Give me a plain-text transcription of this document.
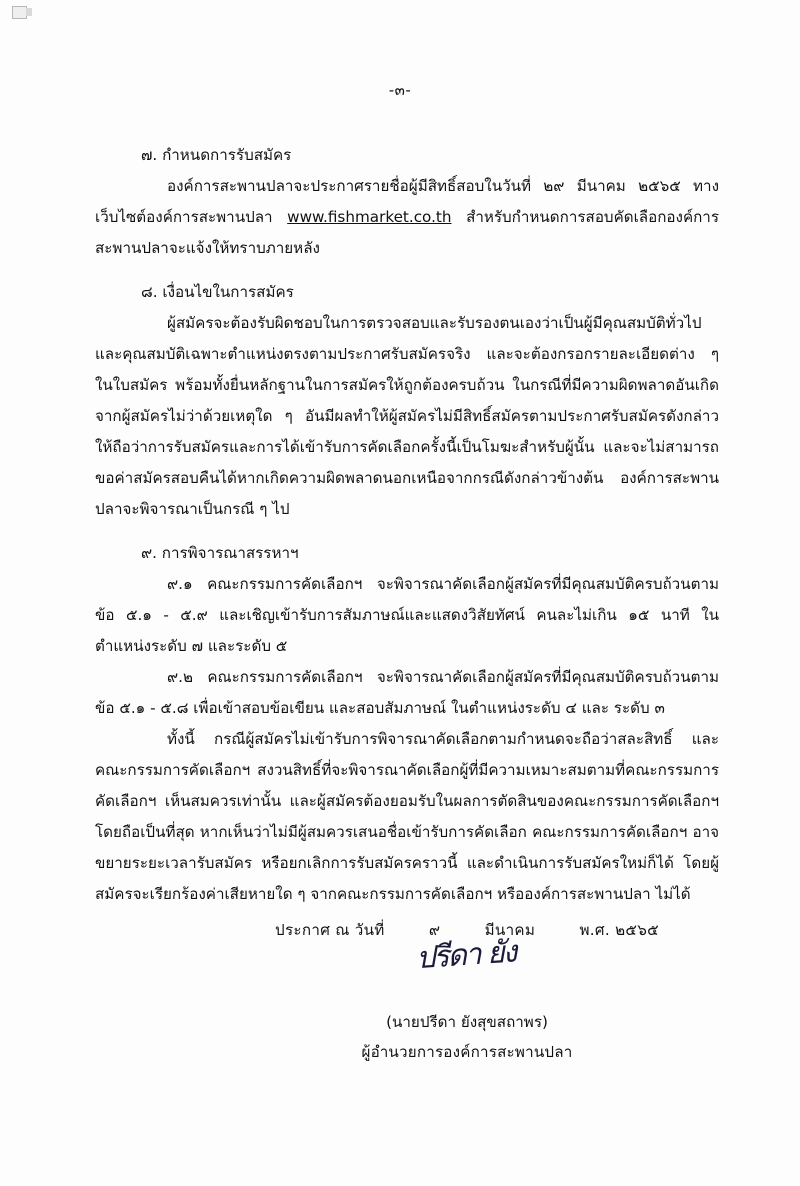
-๓-

๗. กำหนดการรับสมัคร

องค์การสะพานปลาจะประกาศรายชื่อผู้มีสิทธิ์สอบในวันที่ ๒๙ มีนาคม ๒๕๖๕ ทางเว็บไซต์องค์การสะพานปลา www.fishmarket.co.th สำหรับกำหนดการสอบคัดเลือกองค์การสะพานปลาจะแจ้งให้ทราบภายหลัง

๘. เงื่อนไขในการสมัคร

ผู้สมัครจะต้องรับผิดชอบในการตรวจสอบและรับรองตนเองว่าเป็นผู้มีคุณสมบัติทั่วไป และคุณสมบัติเฉพาะตำแหน่งตรงตามประกาศรับสมัครจริง และจะต้องกรอกรายละเอียดต่าง ๆ ในใบสมัคร พร้อมทั้งยื่นหลักฐานในการสมัครให้ถูกต้องครบถ้วน ในกรณีที่มีความผิดพลาดอันเกิดจากผู้สมัครไม่ว่าด้วยเหตุใด ๆ อันมีผลทำให้ผู้สมัครไม่มีสิทธิ์สมัครตามประกาศรับสมัครดังกล่าว ให้ถือว่าการรับสมัครและการได้เข้ารับการคัดเลือกครั้งนี้เป็นโมฆะสำหรับผู้นั้น และจะไม่สามารถขอค่าสมัครสอบคืนได้หากเกิดความผิดพลาดนอกเหนือจากกรณีดังกล่าวข้างต้น องค์การสะพานปลาจะพิจารณาเป็นกรณี ๆ ไป

๙. การพิจารณาสรรหาฯ

๙.๑ คณะกรรมการคัดเลือกฯ จะพิจารณาคัดเลือกผู้สมัครที่มีคุณสมบัติครบถ้วนตามข้อ ๕.๑ - ๕.๙ และเชิญเข้ารับการสัมภาษณ์และแสดงวิสัยทัศน์ คนละไม่เกิน ๑๕ นาที ในตำแหน่งระดับ ๗ และระดับ ๕

๙.๒ คณะกรรมการคัดเลือกฯ จะพิจารณาคัดเลือกผู้สมัครที่มีคุณสมบัติครบถ้วนตามข้อ ๕.๑ - ๕.๘ เพื่อเข้าสอบข้อเขียน และสอบสัมภาษณ์ ในตำแหน่งระดับ ๔ และ ระดับ ๓

ทั้งนี้ กรณีผู้สมัครไม่เข้ารับการพิจารณาคัดเลือกตามกำหนดจะถือว่าสละสิทธิ์ และคณะกรรมการคัดเลือกฯ สงวนสิทธิ์ที่จะพิจารณาคัดเลือกผู้ที่มีความเหมาะสมตามที่คณะกรรมการคัดเลือกฯ เห็นสมควรเท่านั้น และผู้สมัครต้องยอมรับในผลการตัดสินของคณะกรรมการคัดเลือกฯ โดยถือเป็นที่สุด หากเห็นว่าไม่มีผู้สมควรเสนอชื่อเข้ารับการคัดเลือก คณะกรรมการคัดเลือกฯ อาจขยายระยะเวลารับสมัคร หรือยกเลิกการรับสมัครคราวนี้ และดำเนินการรับสมัครใหม่ก็ได้ โดยผู้สมัครจะเรียกร้องค่าเสียหายใด ๆ จากคณะกรรมการคัดเลือกฯ หรือองค์การสะพานปลา ไม่ได้

ประกาศ ณ วันที่	๙	มีนาคม	พ.ศ. ๒๕๖๕
ปรีดา ยัง
(นายปรีดา ยังสุขสถาพร)
ผู้อำนวยการองค์การสะพานปลา
